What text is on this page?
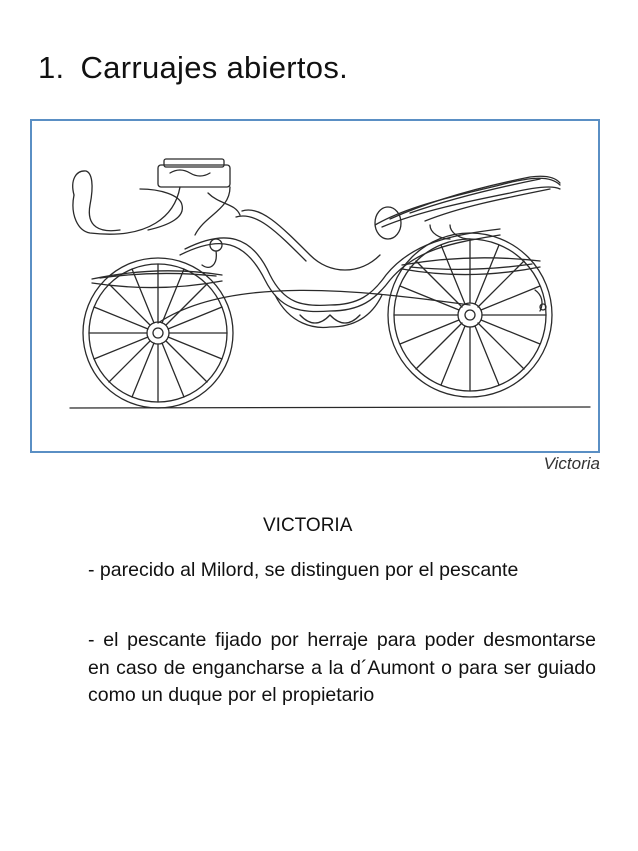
1. Carruajes abiertos.
Victoria

VICTORIA

- parecido al Milord, se distinguen por el pescante

- el pescante fijado por herraje para poder desmontarse en caso de engancharse a la d´Aumont o para ser guiado como un duque por el propietario
